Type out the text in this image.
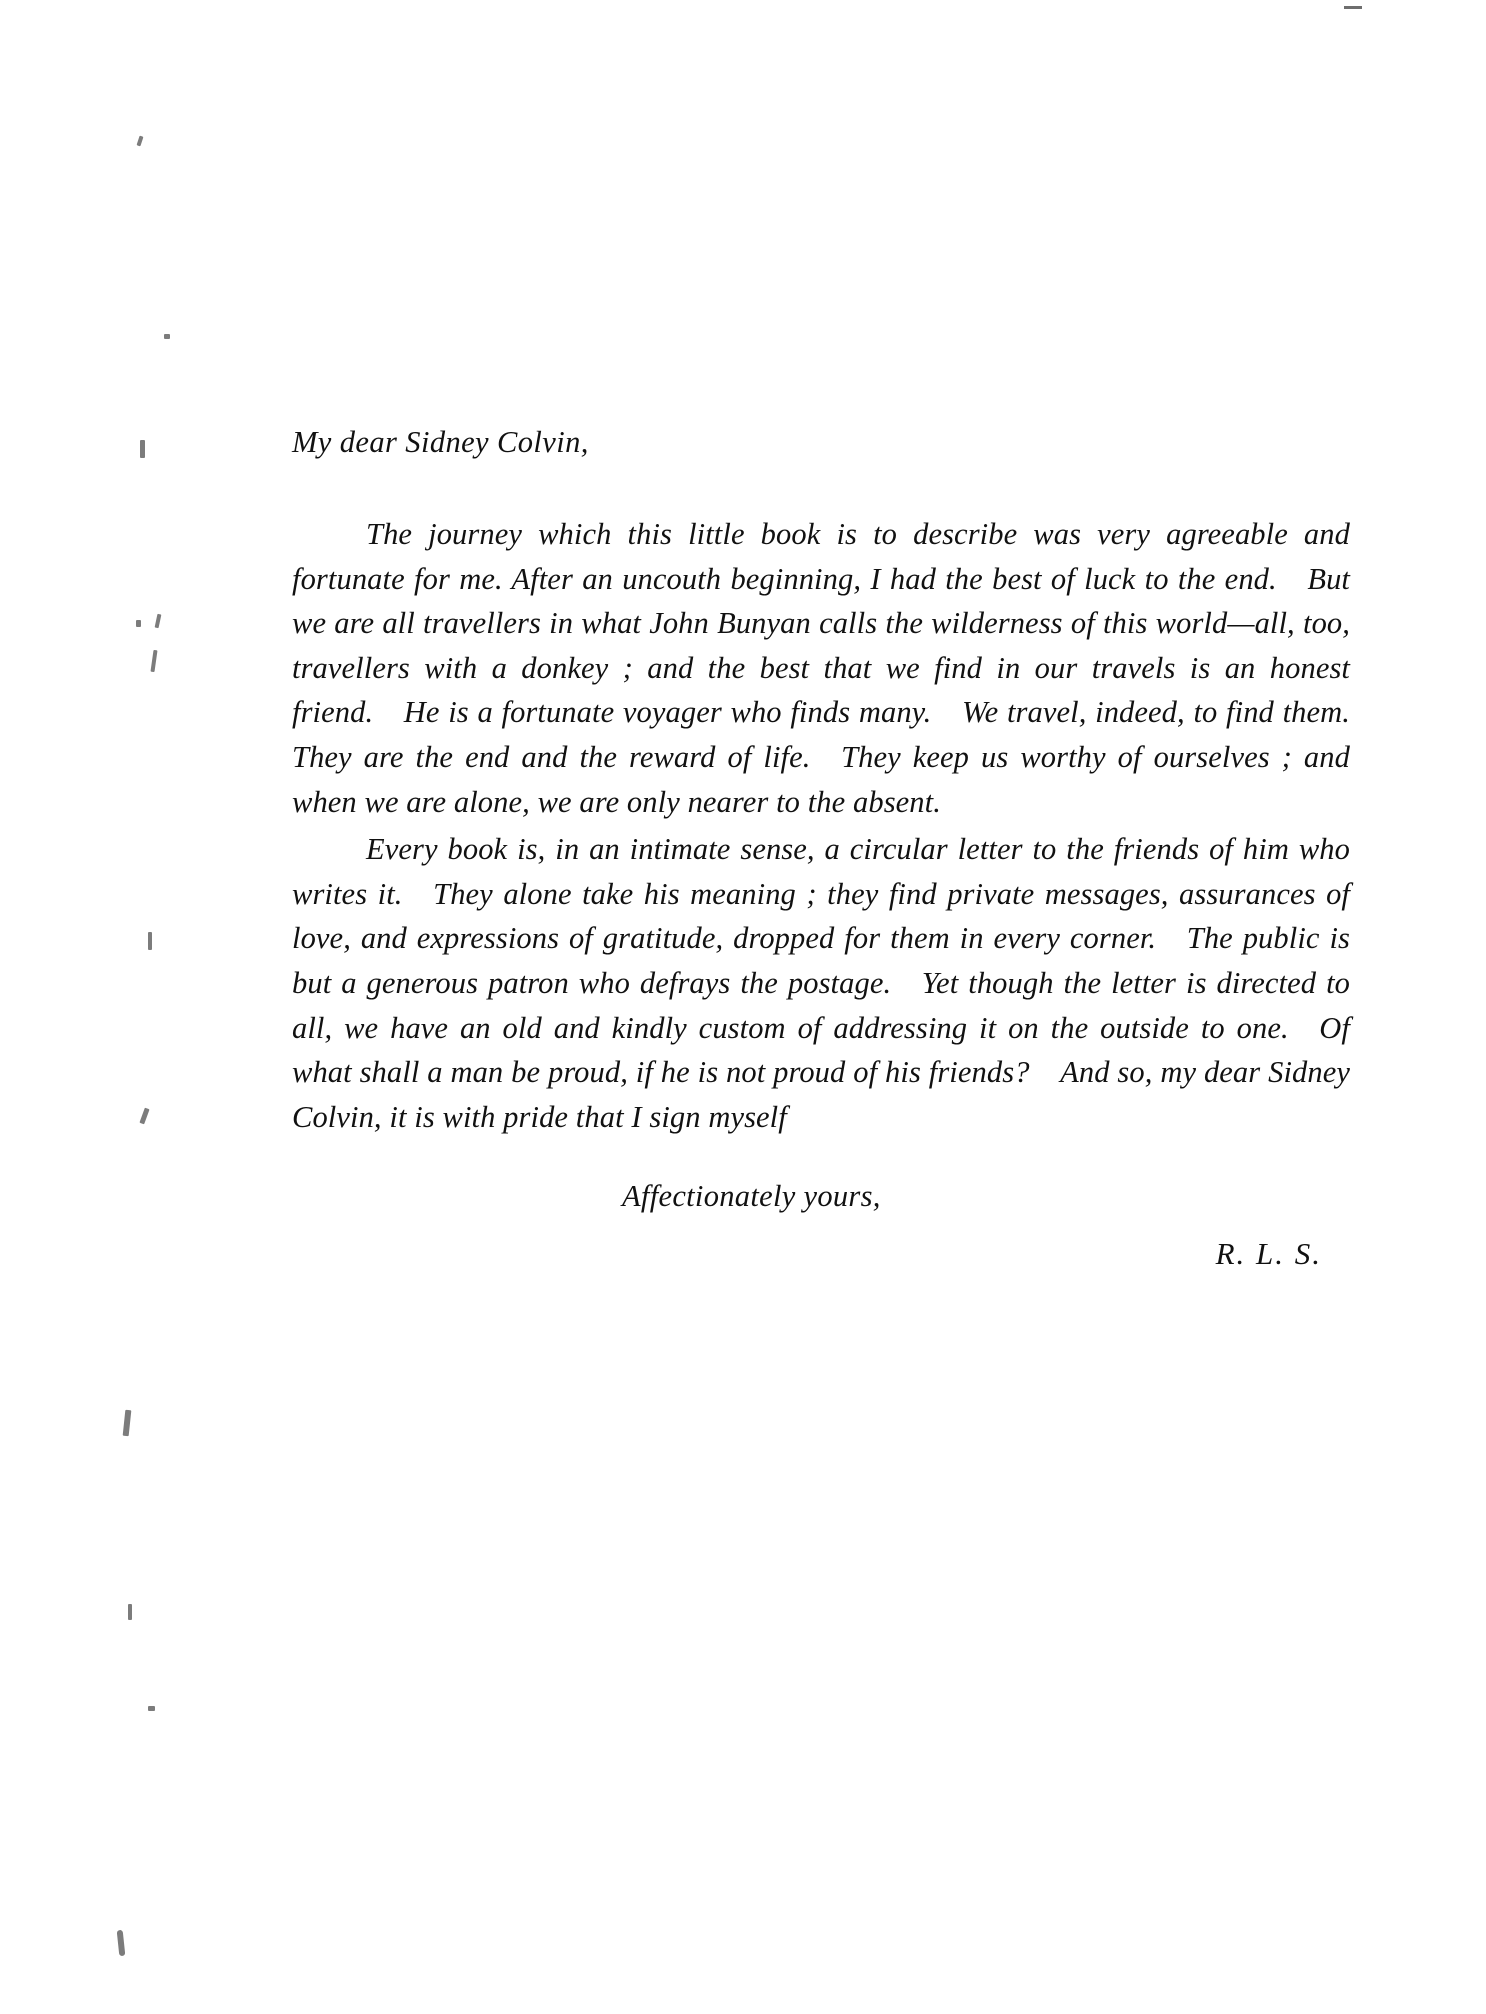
My dear Sidney Colvin,

The journey which this little book is to describe was very agreeable and fortunate for me. After an uncouth beginning, I had the best of luck to the end. But we are all travellers in what John Bunyan calls the wilderness of this world—all, too, travellers with a donkey ; and the best that we find in our travels is an honest friend. He is a fortunate voyager who finds many. We travel, indeed, to find them. They are the end and the reward of life. They keep us worthy of ourselves ; and when we are alone, we are only nearer to the absent.

Every book is, in an intimate sense, a circular letter to the friends of him who writes it. They alone take his meaning ; they find private messages, assurances of love, and expressions of gratitude, dropped for them in every corner. The public is but a generous patron who defrays the postage. Yet though the letter is directed to all, we have an old and kindly custom of addressing it on the outside to one. Of what shall a man be proud, if he is not proud of his friends? And so, my dear Sidney Colvin, it is with pride that I sign myself

Affectionately yours,
R. L. S.
